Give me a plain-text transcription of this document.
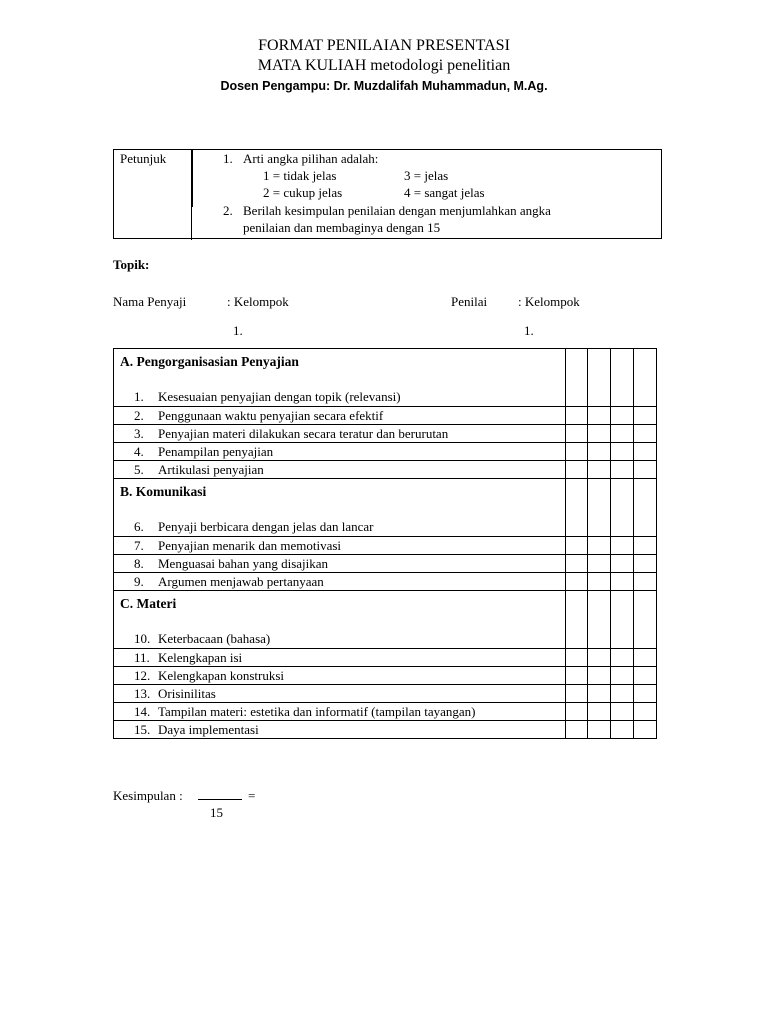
FORMAT PENILAIAN PRESENTASI
MATA KULIAH metodologi penelitian
Dosen Pengampu: Dr. Muzdalifah Muhammadun, M.Ag.
Petunjuk	1. Arti angka pilihan adalah:
1 = tidak jelas	3 = jelas
2 = cukup jelas	4 = sangat jelas
2. Berilah kesimpulan penilaian dengan menjumlahkan angka
penilaian dan membaginya dengan 15
Topik:
Nama Penyaji	: Kelompok
1.
Penilai : Kelompok
1.
A. Pengorganisasian Penyajian
1. Kesesuaian penyajian dengan topik (relevansi)				

2. Penggunaan waktu penyajian secara efektif				
3. Penyajian materi dilakukan secara teratur dan berurutan				
4. Penampilan penyajian				
5. Artikulasi penyajian				

B. Komunikasi
6. Penyaji berbicara dengan jelas dan lancar				

7. Penyajian menarik dan memotivasi				
8. Menguasai bahan yang disajikan				
9. Argumen menjawab pertanyaan				

C. Materi
10. Keterbacaan (bahasa)				

11. Kelengkapan isi				
12. Kelengkapan konstruksi				
13. Orisinilitas				
14. Tampilan materi: estetika dan informatif (tampilan tayangan)				
15. Daya implementasi				
Kesimpulan :	=
15
